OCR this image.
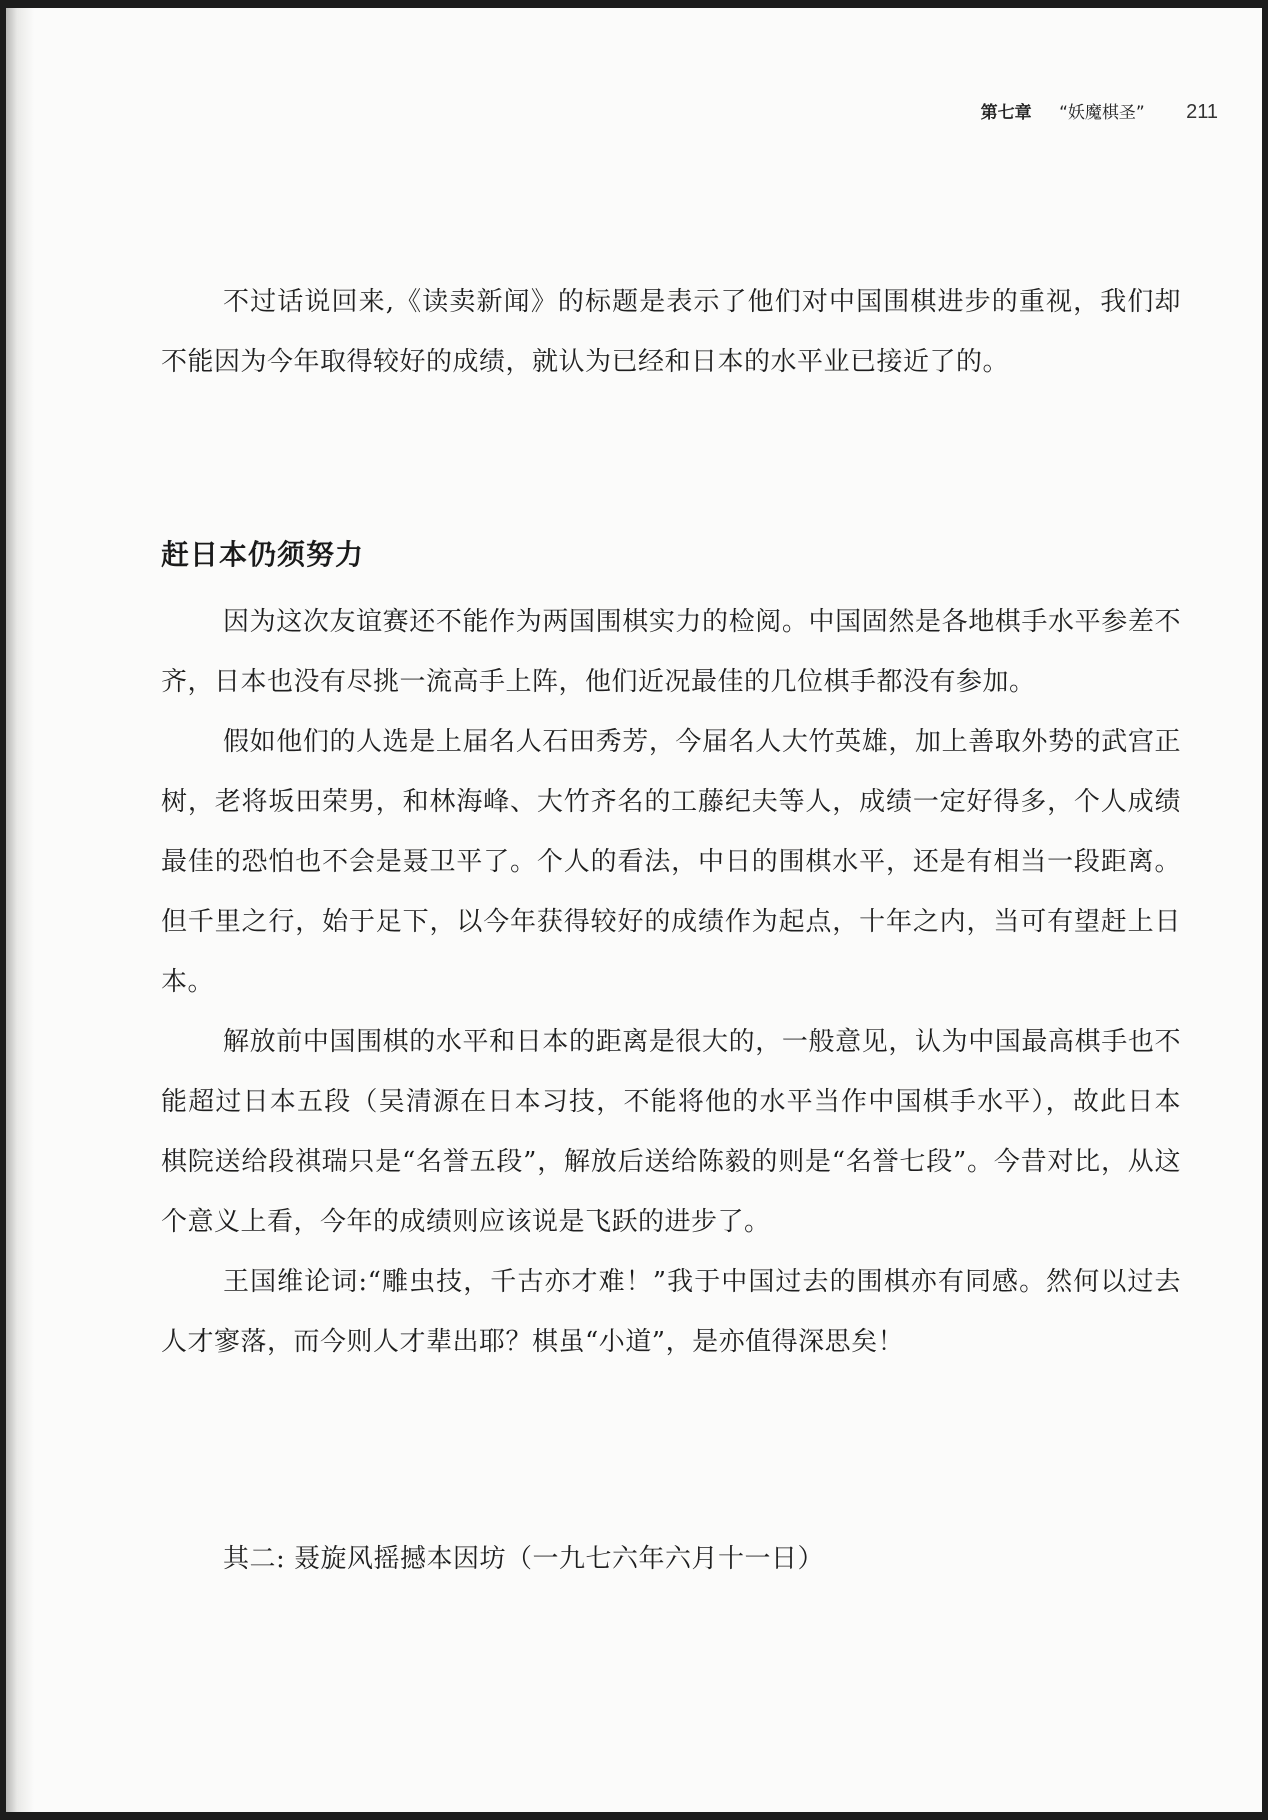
第七章 “妖魔棋圣” 211

不过话说回来,《读卖新闻》的标题是表示了他们对中国围棋进步的重视，我们却不能因为今年取得较好的成绩，就认为已经和日本的水平业已接近了的。

赶日本仍须努力

因为这次友谊赛还不能作为两国围棋实力的检阅。中国固然是各地棋手水平参差不齐，日本也没有尽挑一流高手上阵，他们近况最佳的几位棋手都没有参加。

假如他们的人选是上届名人石田秀芳，今届名人大竹英雄，加上善取外势的武宫正树，老将坂田荣男，和林海峰、大竹齐名的工藤纪夫等人，成绩一定好得多，个人成绩最佳的恐怕也不会是聂卫平了。个人的看法，中日的围棋水平，还是有相当一段距离。但千里之行，始于足下，以今年获得较好的成绩作为起点，十年之内，当可有望赶上日本。

解放前中国围棋的水平和日本的距离是很大的，一般意见，认为中国最高棋手也不能超过日本五段（吴清源在日本习技，不能将他的水平当作中国棋手水平），故此日本棋院送给段祺瑞只是“名誉五段”，解放后送给陈毅的则是“名誉七段”。今昔对比，从这个意义上看，今年的成绩则应该说是飞跃的进步了。

王国维论词:“雕虫技，千古亦才难！”我于中国过去的围棋亦有同感。然何以过去人才寥落，而今则人才辈出耶？棋虽“小道”，是亦值得深思矣！

其二: 聂旋风摇撼本因坊（一九七六年六月十一日）
